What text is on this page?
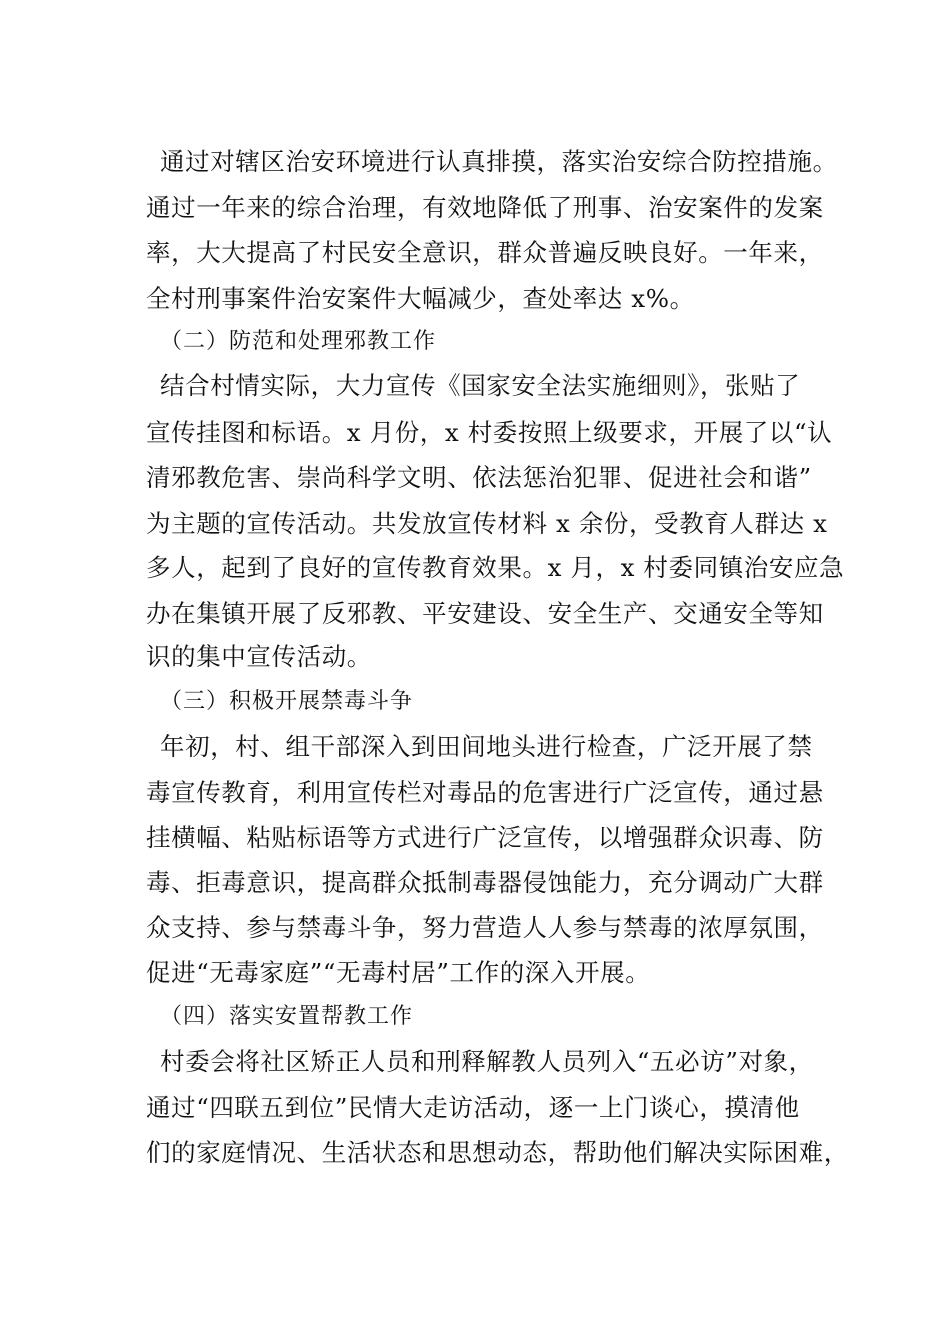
通过对辖区治安环境进行认真排摸，落实治安综合防控措施。
通过一年来的综合治理，有效地降低了刑事、治安案件的发案
率，大大提高了村民安全意识，群众普遍反映良好。一年来，
全村刑事案件治安案件大幅减少，查处率达 x%。
（二）防范和处理邪教工作
结合村情实际，大力宣传《国家安全法实施细则》，张贴了
宣传挂图和标语。x 月份，x 村委按照上级要求，开展了以“认
清邪教危害、崇尚科学文明、依法惩治犯罪、促进社会和谐”
为主题的宣传活动。共发放宣传材料 x 余份，受教育人群达 x
多人，起到了良好的宣传教育效果。x 月，x 村委同镇治安应急
办在集镇开展了反邪教、平安建设、安全生产、交通安全等知
识的集中宣传活动。
（三）积极开展禁毒斗争
年初，村、组干部深入到田间地头进行检查，广泛开展了禁
毒宣传教育，利用宣传栏对毒品的危害进行广泛宣传，通过悬
挂横幅、粘贴标语等方式进行广泛宣传，以增强群众识毒、防
毒、拒毒意识，提高群众抵制毒器侵蚀能力，充分调动广大群
众支持、参与禁毒斗争，努力营造人人参与禁毒的浓厚氛围，
促进“无毒家庭”“无毒村居”工作的深入开展。
（四）落实安置帮教工作
村委会将社区矫正人员和刑释解教人员列入“五必访”对象，
通过“四联五到位”民情大走访活动，逐一上门谈心，摸清他
们的家庭情况、生活状态和思想动态，帮助他们解决实际困难，
